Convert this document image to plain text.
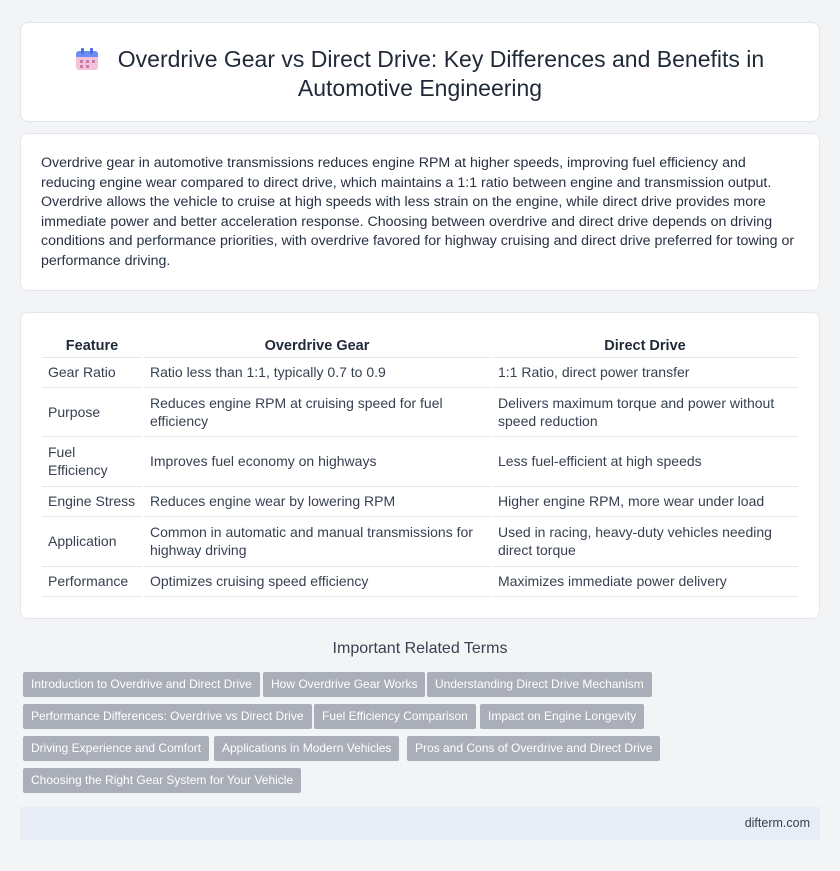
Overdrive Gear vs Direct Drive: Key Differences and Benefits in Automotive Engineering

Overdrive gear in automotive transmissions reduces engine RPM at higher speeds, improving fuel efficiency and reducing engine wear compared to direct drive, which maintains a 1:1 ratio between engine and transmission output. Overdrive allows the vehicle to cruise at high speeds with less strain on the engine, while direct drive provides more immediate power and better acceleration response. Choosing between overdrive and direct drive depends on driving conditions and performance priorities, with overdrive favored for highway cruising and direct drive preferred for towing or performance driving.

Feature	Overdrive Gear	Direct Drive
Gear Ratio	Ratio less than 1:1, typically 0.7 to 0.9	1:1 Ratio, direct power transfer
Purpose	Reduces engine RPM at cruising speed for fuel efficiency	Delivers maximum torque and power without speed reduction
Fuel Efficiency	Improves fuel economy on highways	Less fuel-efficient at high speeds
Engine Stress	Reduces engine wear by lowering RPM	Higher engine RPM, more wear under load
Application	Common in automatic and manual transmissions for highway driving	Used in racing, heavy-duty vehicles needing direct torque
Performance	Optimizes cruising speed efficiency	Maximizes immediate power delivery
Important Related Terms
Introduction to Overdrive and Direct Drive	How Overdrive Gear Works	Understanding Direct Drive Mechanism
Performance Differences: Overdrive vs Direct Drive	Fuel Efficiency Comparison	Impact on Engine Longevity
Driving Experience and Comfort	Applications in Modern Vehicles	Pros and Cons of Overdrive and Direct Drive
Choosing the Right Gear System for Your Vehicle
difterm.com
